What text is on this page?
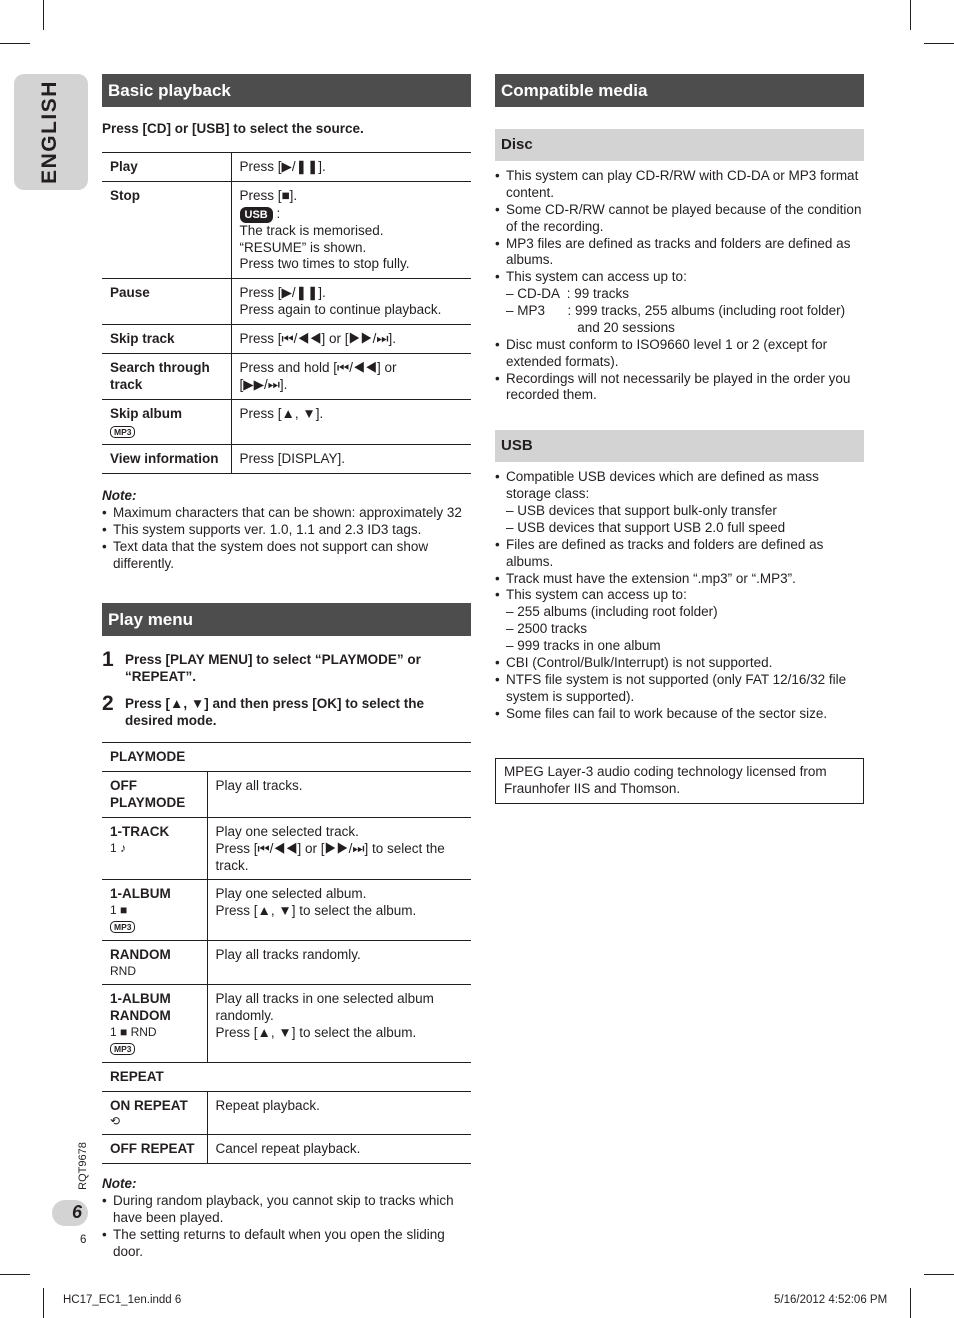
ENGLISH	Basic playback
Press [CD] or [USB] to select the source.
Play	Press [▶/❚❚].

Stop	Press [■].
USB :
The track is memorised.
“RESUME” is shown.
Press two times to stop fully.

Pause	Press [▶/❚❚].
Press again to continue playback.

Skip track	Press [⏮/◀◀] or [▶▶/⏭].

Search through track	Press and hold [⏮/◀◀] or
[▶▶/⏭].

Skip album
MP3	Press [▲, ▼].

View information	Press [DISPLAY].
Note:
• Maximum characters that can be shown: approximately 32
• This system supports ver. 1.0, 1.1 and 2.3 ID3 tags.
• Text data that the system does not support can show differently.
Play menu
1 Press [PLAY MENU] to select “PLAYMODE” or “REPEAT”.
2 Press [▲, ▼] and then press [OK] to select the desired mode.
PLAYMODE	

OFF PLAYMODE	Play all tracks.

1-TRACK
1 ♪	Play one selected track.
Press [⏮/◀◀] or [▶▶/⏭] to select the track.

1-ALBUM
1 ■
MP3	Play one selected album.
Press [▲, ▼] to select the album.

RANDOM
RND	Play all tracks randomly.

1-ALBUM RANDOM
1 ■ RND
MP3	Play all tracks in one selected album randomly.
Press [▲, ▼] to select the album.

REPEAT	

ON REPEAT
⟲	Repeat playback.

OFF REPEAT	Cancel repeat playback.
Note:
• During random playback, you cannot skip to tracks which have been played.
• The setting returns to default when you open the sliding door.
Compatible media
Disc
• This system can play CD-R/RW with CD-DA or MP3 format content.
• Some CD-R/RW cannot be played because of the condition of the recording.
• MP3 files are defined as tracks and folders are defined as albums.
• This system can access up to:
– CD-DA  : 99 tracks
– MP3      : 999 tracks, 255 albums (including root folder)
and 20 sessions
• Disc must conform to ISO9660 level 1 or 2 (except for extended formats).
• Recordings will not necessarily be played in the order you recorded them.
USB
• Compatible USB devices which are defined as mass storage class:
– USB devices that support bulk-only transfer
– USB devices that support USB 2.0 full speed
• Files are defined as tracks and folders are defined as albums.
• Track must have the extension “.mp3” or “.MP3”.
• This system can access up to:
– 255 albums (including root folder)
– 2500 tracks
– 999 tracks in one album
• CBI (Control/Bulk/Interrupt) is not supported.
• NTFS file system is not supported (only FAT 12/16/32 file system is supported).
• Some files can fail to work because of the sector size.
MPEG Layer-3 audio coding technology licensed from Fraunhofer IIS and Thomson.
RQT9678
6
6
HC17_EC1_1en.indd 6	5/16/2012 4:52:06 PM
